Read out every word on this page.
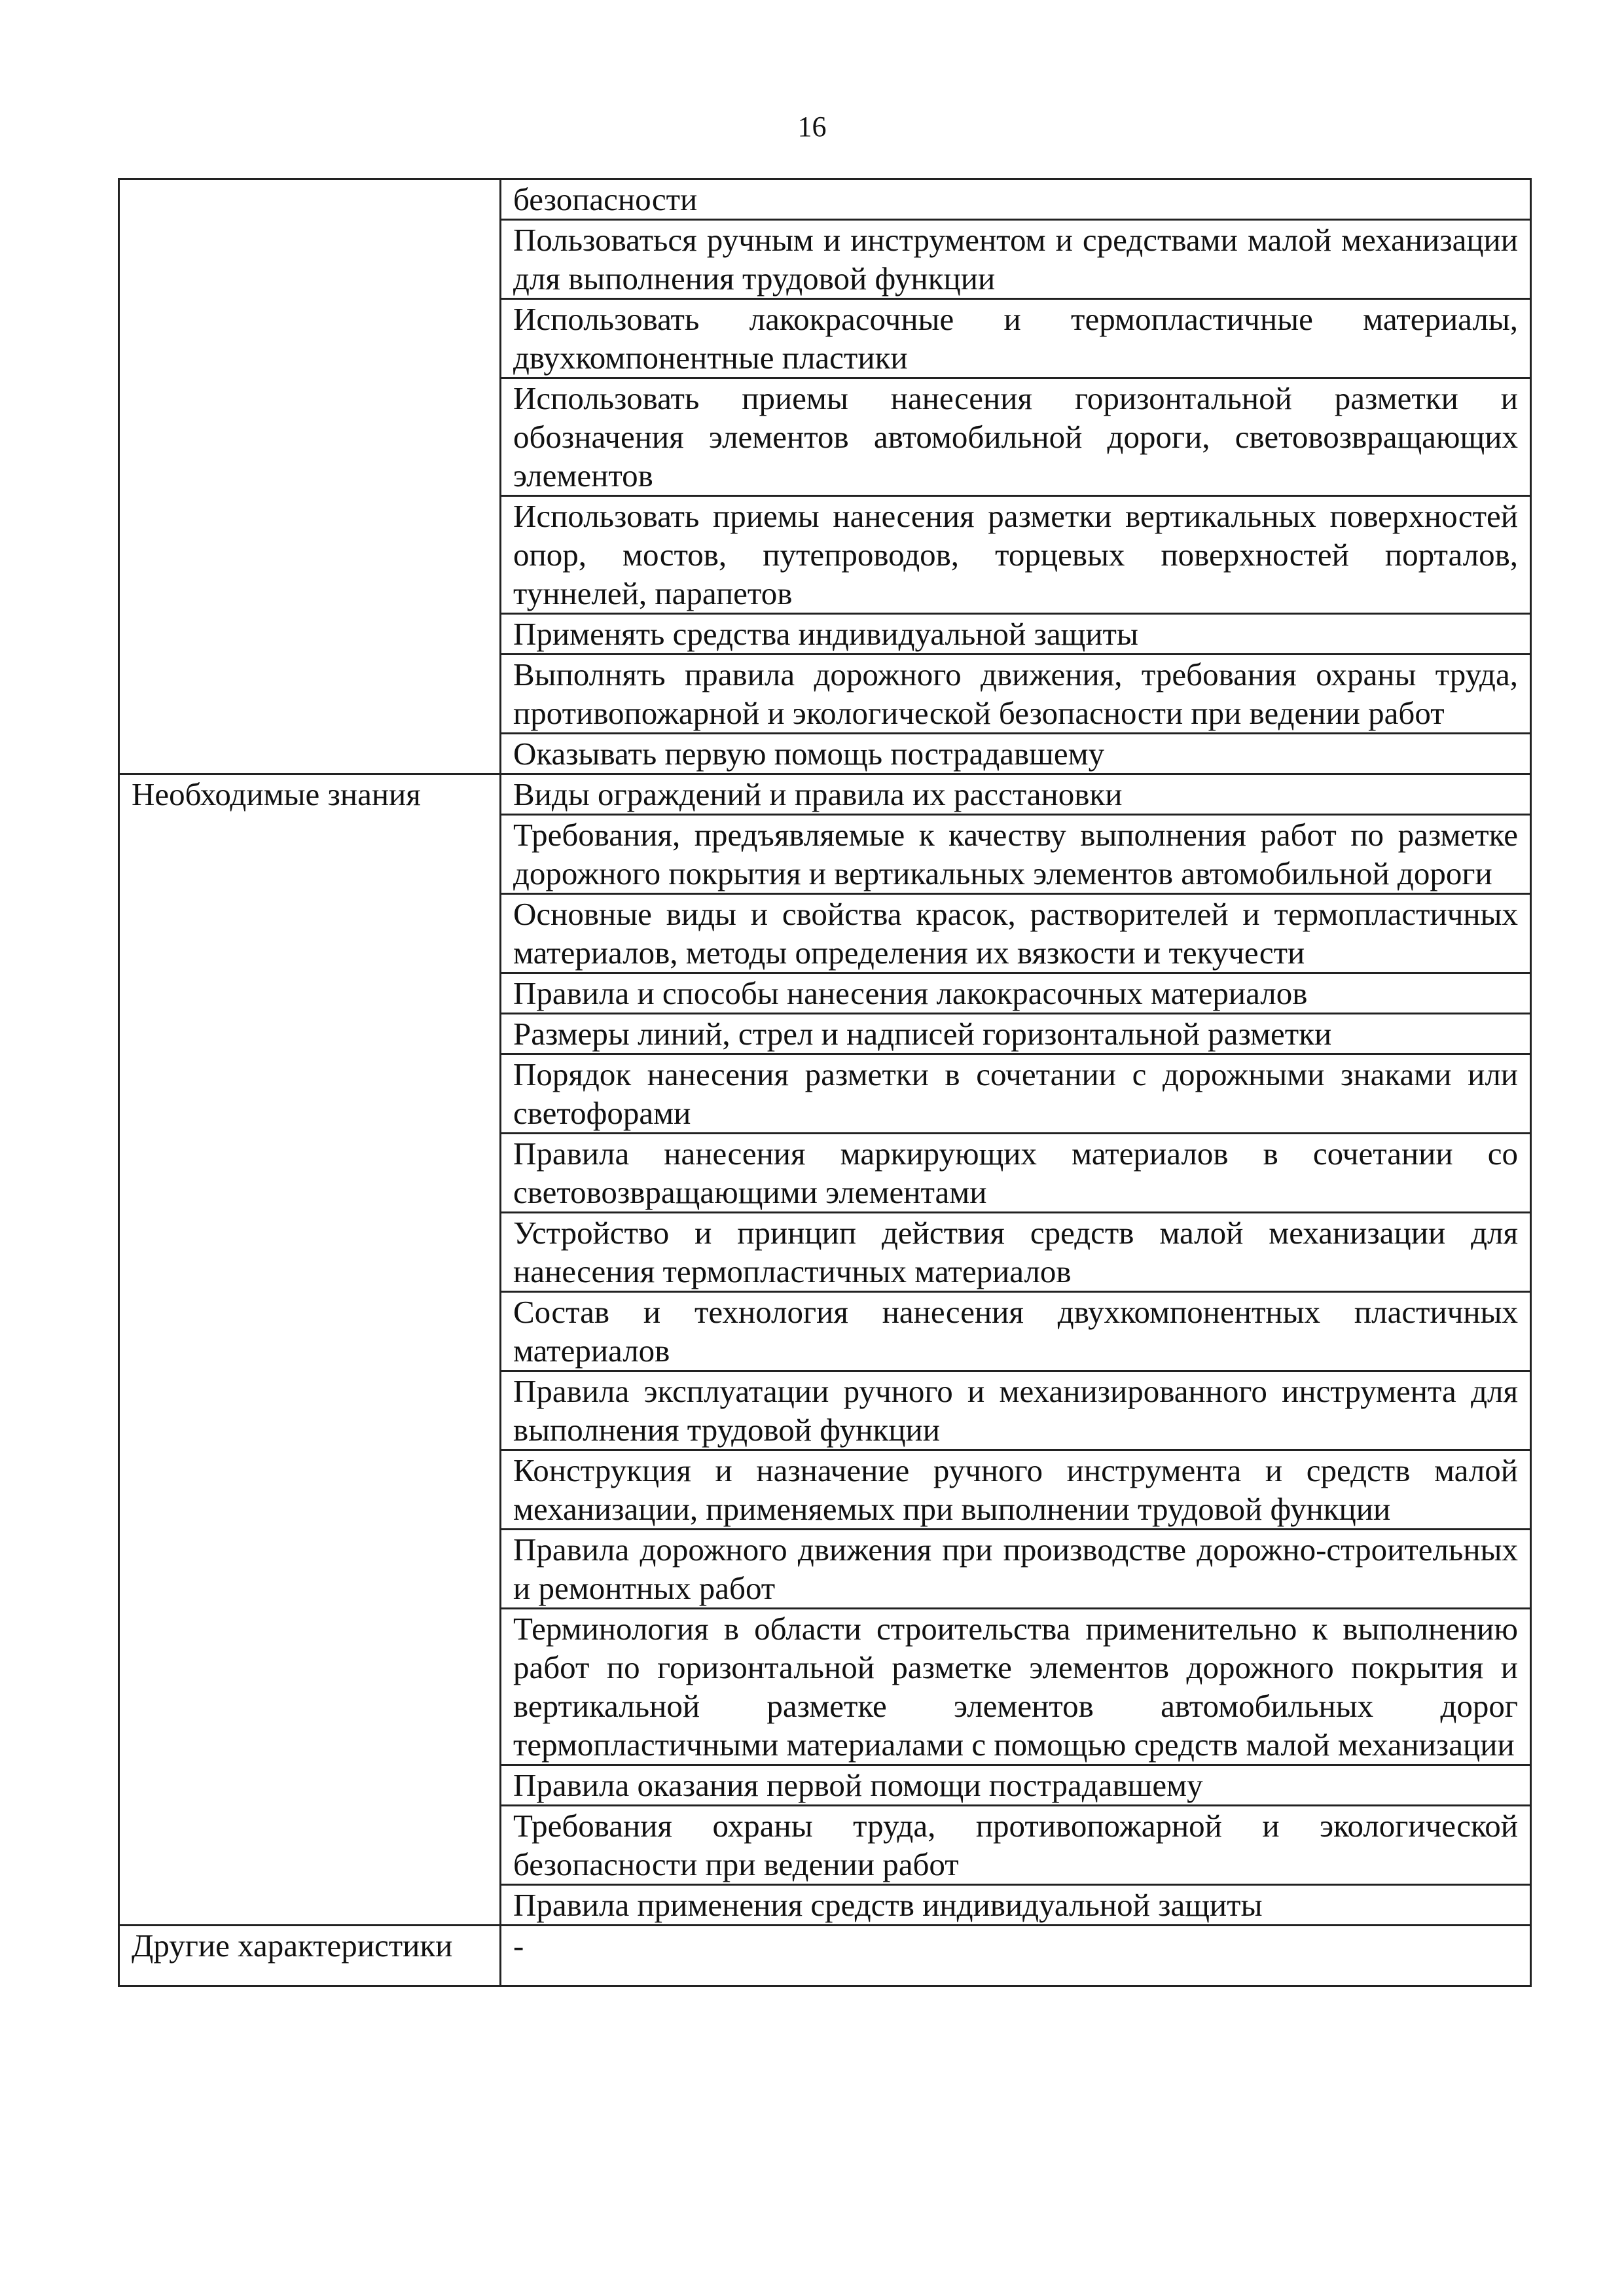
16
	безопасности
	Пользоваться ручным и инструментом и средствами малой механизации для выполнения трудовой функции
	Использовать лакокрасочные и термопластичные материалы, двухкомпонентные пластики
	Использовать приемы нанесения горизонтальной разметки и обозначения элементов автомобильной дороги, световозвращающих элементов
	Использовать приемы нанесения разметки вертикальных поверхностей опор, мостов, путепроводов, торцевых поверхностей порталов, туннелей, парапетов
	Применять средства индивидуальной защиты
	Выполнять правила дорожного движения, требования охраны труда, противопожарной и экологической безопасности при ведении работ
	Оказывать первую помощь пострадавшему
Необходимые знания	Виды ограждений и правила их расстановки
	Требования, предъявляемые к качеству выполнения работ по разметке дорожного покрытия и вертикальных элементов автомобильной дороги
	Основные виды и свойства красок, растворителей и термопластичных материалов, методы определения их вязкости и текучести
	Правила и способы нанесения лакокрасочных материалов
	Размеры линий, стрел и надписей горизонтальной разметки
	Порядок нанесения разметки в сочетании с дорожными знаками или светофорами
	Правила нанесения маркирующих материалов в сочетании со световозвращающими элементами
	Устройство и принцип действия средств малой механизации для нанесения термопластичных материалов
	Состав и технология нанесения двухкомпонентных пластичных материалов
	Правила эксплуатации ручного и механизированного инструмента для выполнения трудовой функции
	Конструкция и назначение ручного инструмента и средств малой механизации, применяемых при выполнении трудовой функции
	Правила дорожного движения при производстве дорожно-строительных и ремонтных работ
	Терминология в области строительства применительно к выполнению работ по горизонтальной разметке элементов дорожного покрытия и вертикальной разметке элементов автомобильных дорог термопластичными материалами с помощью средств малой механизации
	Правила оказания первой помощи пострадавшему
	Требования охраны труда, противопожарной и экологической безопасности при ведении работ
	Правила применения средств индивидуальной защиты
Другие характеристики	-
